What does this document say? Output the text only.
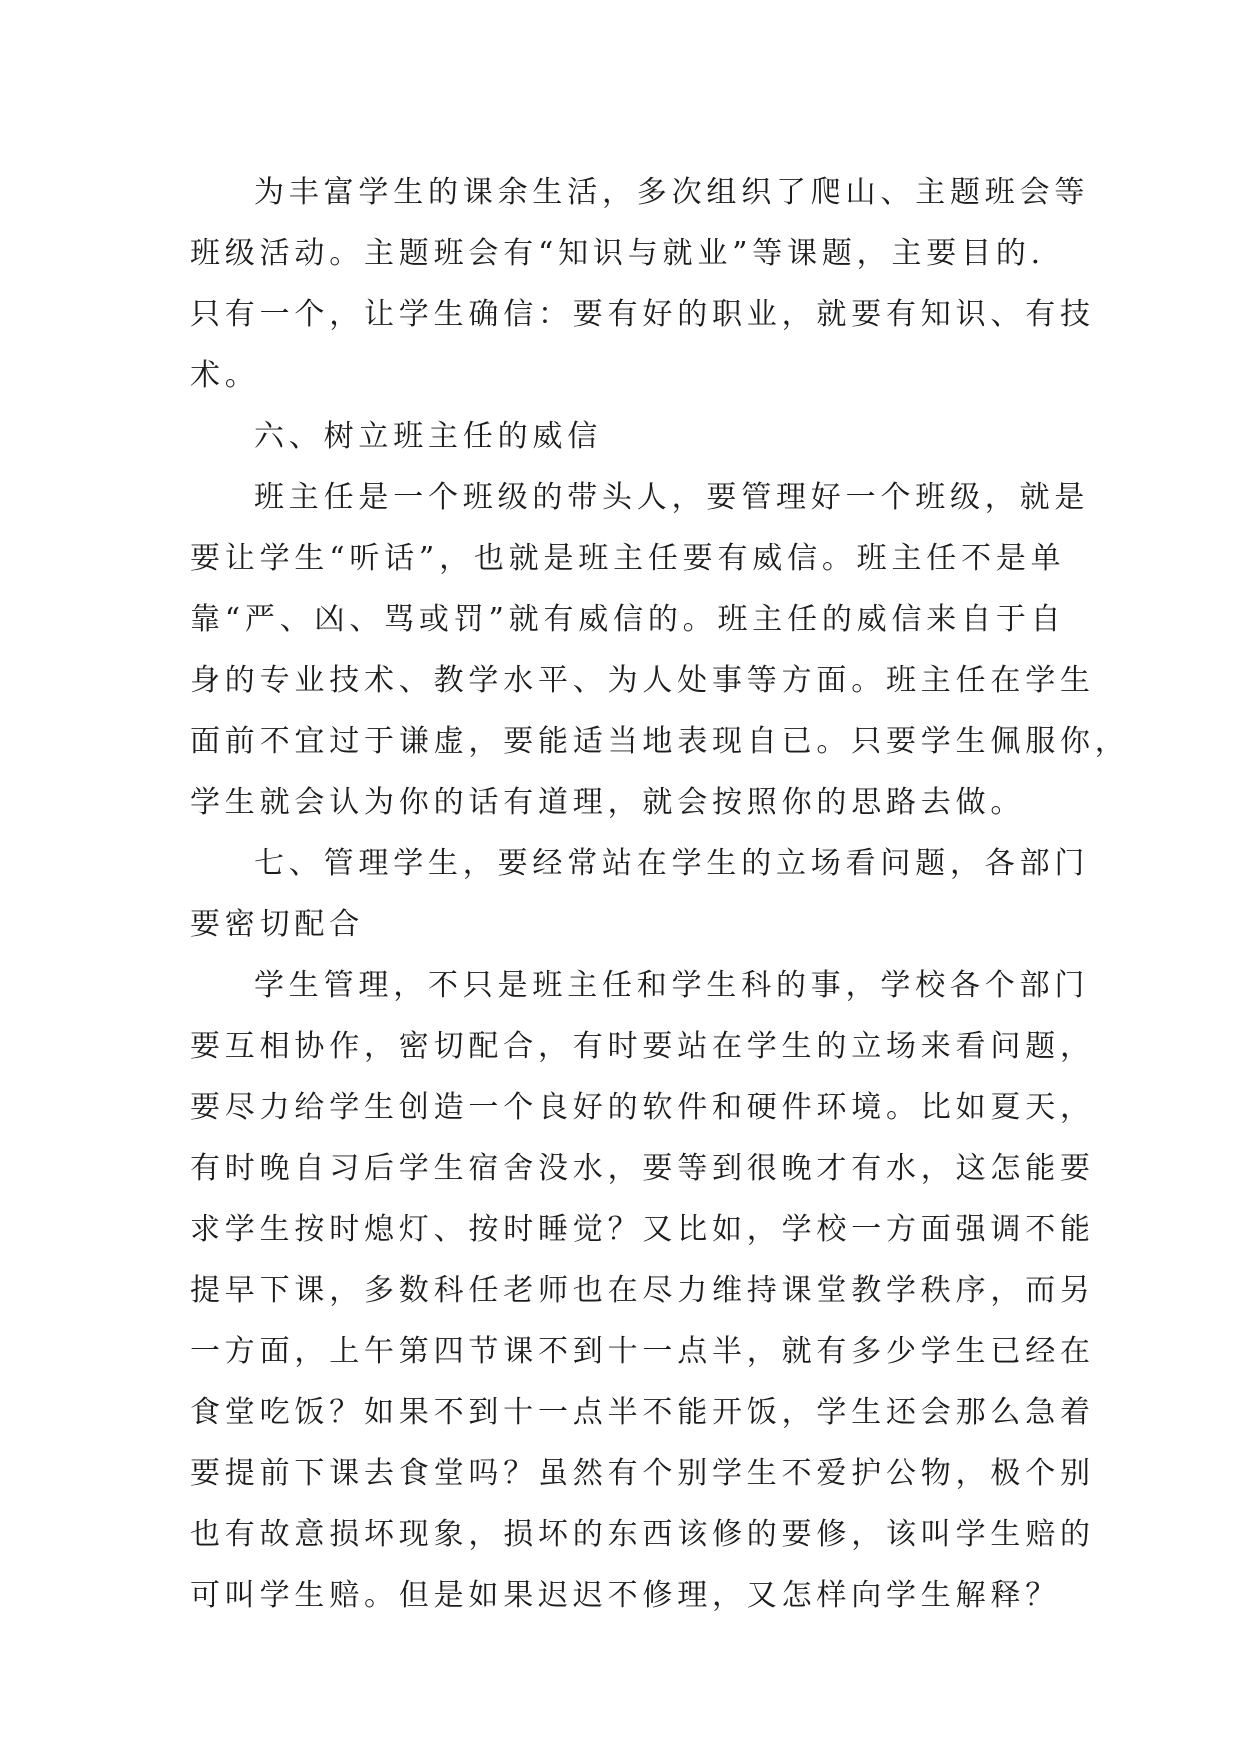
为丰富学生的课余生活，多次组织了爬山、主题班会等
班级活动。主题班会有“知识与就业”等课题，主要目的.
只有一个，让学生确信：要有好的职业，就要有知识、有技
术。
六、树立班主任的威信
班主任是一个班级的带头人，要管理好一个班级，就是
要让学生“听话”，也就是班主任要有威信。班主任不是单
靠“严、凶、骂或罚”就有威信的。班主任的威信来自于自
身的专业技术、教学水平、为人处事等方面。班主任在学生
面前不宜过于谦虚，要能适当地表现自已。只要学生佩服你，
学生就会认为你的话有道理，就会按照你的思路去做。
七、管理学生，要经常站在学生的立场看问题，各部门
要密切配合
学生管理，不只是班主任和学生科的事，学校各个部门
要互相协作，密切配合，有时要站在学生的立场来看问题，
要尽力给学生创造一个良好的软件和硬件环境。比如夏天，
有时晚自习后学生宿舍没水，要等到很晚才有水，这怎能要
求学生按时熄灯、按时睡觉？又比如，学校一方面强调不能
提早下课，多数科任老师也在尽力维持课堂教学秩序，而另
一方面，上午第四节课不到十一点半，就有多少学生已经在
食堂吃饭？如果不到十一点半不能开饭，学生还会那么急着
要提前下课去食堂吗？虽然有个别学生不爱护公物，极个别
也有故意损坏现象，损坏的东西该修的要修，该叫学生赔的
可叫学生赔。但是如果迟迟不修理，又怎样向学生解释？
